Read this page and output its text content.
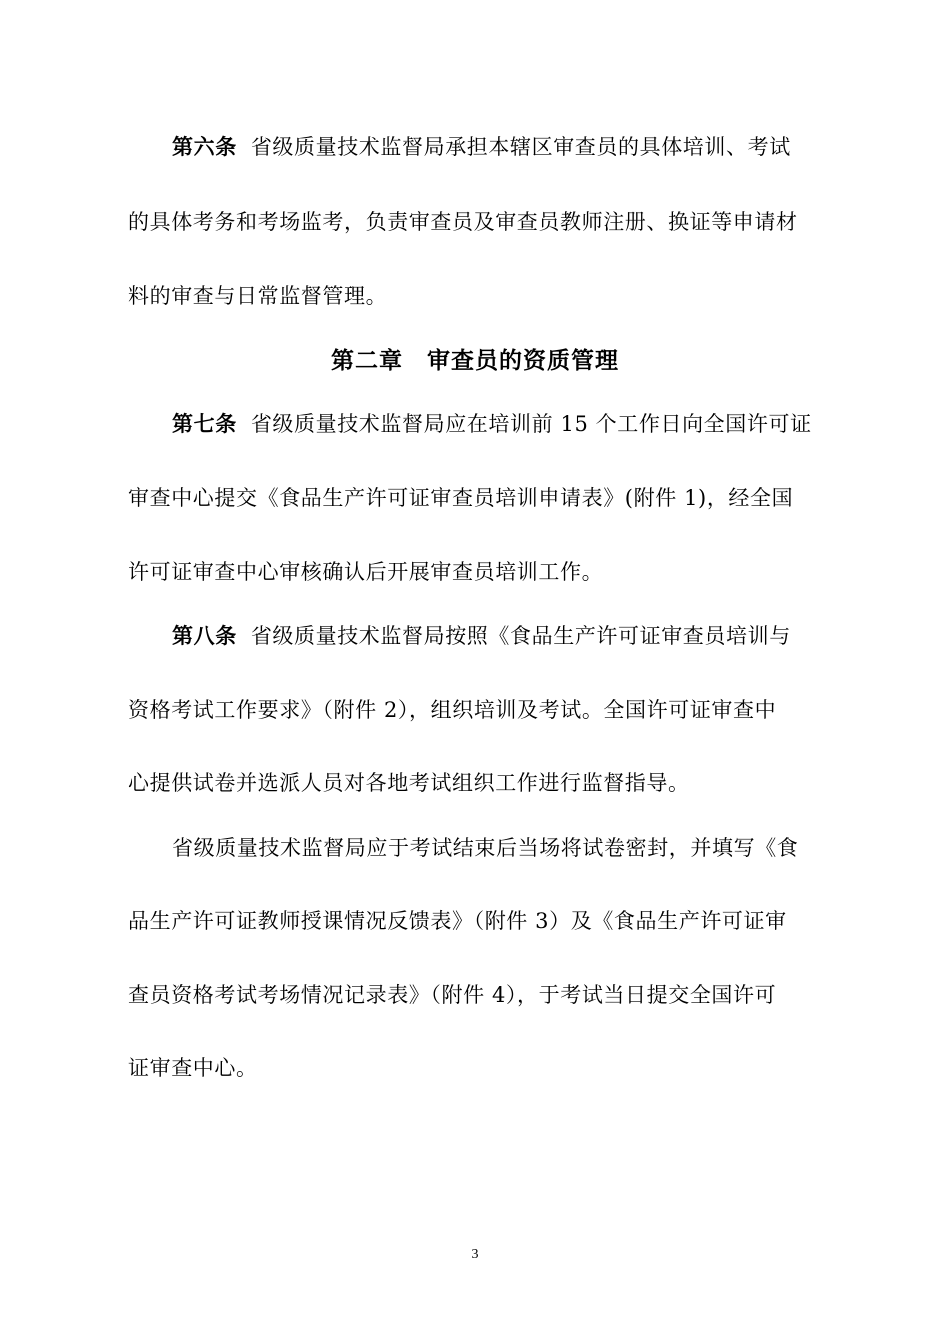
第六条 省级质量技术监督局承担本辖区审查员的具体培训、考试
的具体考务和考场监考，负责审查员及审查员教师注册、换证等申请材
料的审查与日常监督管理。
第二章　审查员的资质管理
第七条 省级质量技术监督局应在培训前 15 个工作日向全国许可证
审查中心提交《食品生产许可证审查员培训申请表》(附件 1)，经全国
许可证审查中心审核确认后开展审查员培训工作。
第八条 省级质量技术监督局按照《食品生产许可证审查员培训与
资格考试工作要求》（附件 2），组织培训及考试。全国许可证审查中
心提供试卷并选派人员对各地考试组织工作进行监督指导。
省级质量技术监督局应于考试结束后当场将试卷密封，并填写《食
品生产许可证教师授课情况反馈表》（附件 3）及《食品生产许可证审
查员资格考试考场情况记录表》（附件 4），于考试当日提交全国许可
证审查中心。
3
